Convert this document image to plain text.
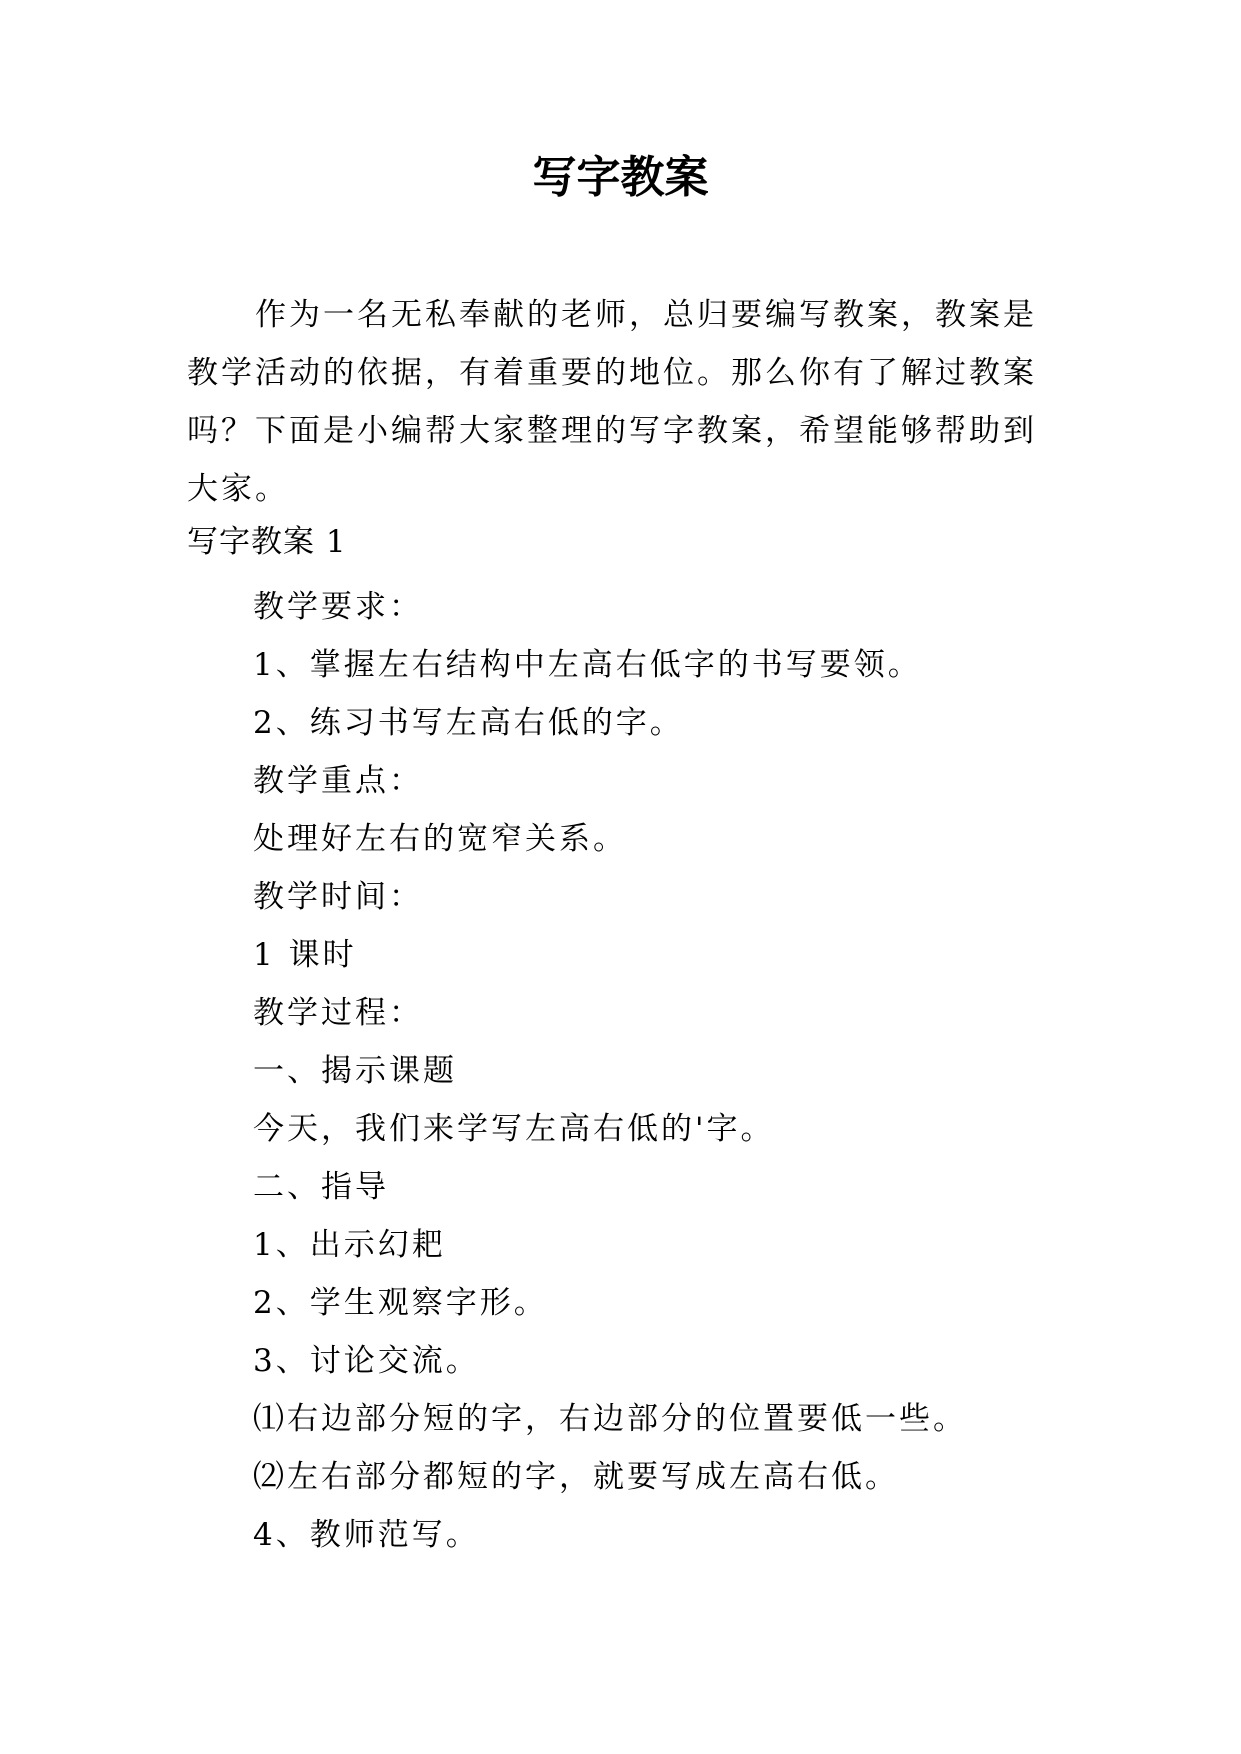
写字教案

作为一名无私奉献的老师，总归要编写教案，教案是教学活动的依据，有着重要的地位。那么你有了解过教案吗？下面是小编帮大家整理的写字教案，希望能够帮助到大家。

写字教案 1

教学要求：
1、掌握左右结构中左高右低字的书写要领。
2、练习书写左高右低的字。
教学重点：
处理好左右的宽窄关系。
教学时间：
1 课时
教学过程：
一、揭示课题
今天，我们来学写左高右低的'字。
二、指导
1、出示幻耙
2、学生观察字形。
3、讨论交流。
⑴右边部分短的字，右边部分的位置要低一些。
⑵左右部分都短的字，就要写成左高右低。
4、教师范写。
